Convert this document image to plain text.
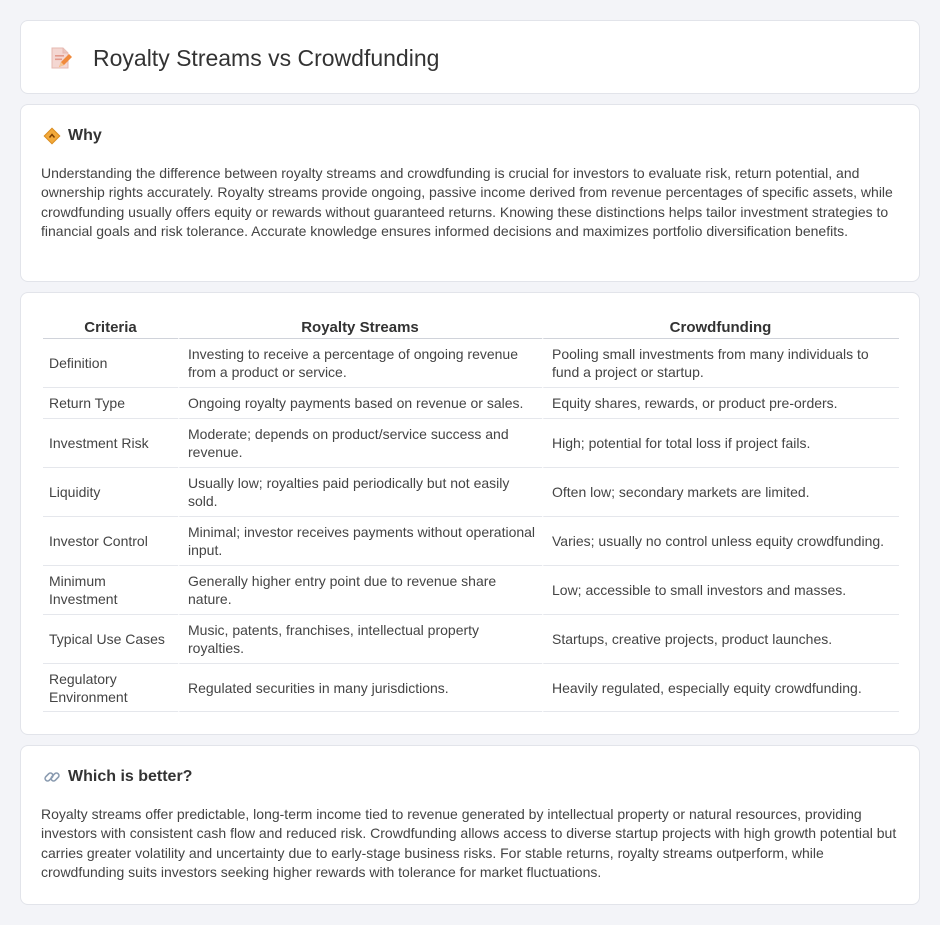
Royalty Streams vs Crowdfunding
Why

Understanding the difference between royalty streams and crowdfunding is crucial for investors to evaluate risk, return potential, and ownership rights accurately. Royalty streams provide ongoing, passive income derived from revenue percentages of specific assets, while crowdfunding usually offers equity or rewards without guaranteed returns. Knowing these distinctions helps tailor investment strategies to financial goals and risk tolerance. Accurate knowledge ensures informed decisions and maximizes portfolio diversification benefits.

Criteria	Royalty Streams	Crowdfunding
Definition	Investing to receive a percentage of ongoing revenue from a product or service.	Pooling small investments from many individuals to fund a project or startup.
Return Type	Ongoing royalty payments based on revenue or sales.	Equity shares, rewards, or product pre-orders.
Investment Risk	Moderate; depends on product/service success and revenue.	High; potential for total loss if project fails.
Liquidity	Usually low; royalties paid periodically but not easily sold.	Often low; secondary markets are limited.
Investor Control	Minimal; investor receives payments without operational input.	Varies; usually no control unless equity crowdfunding.
Minimum Investment	Generally higher entry point due to revenue share nature.	Low; accessible to small investors and masses.
Typical Use Cases	Music, patents, franchises, intellectual property royalties.	Startups, creative projects, product launches.
Regulatory Environment	Regulated securities in many jurisdictions.	Heavily regulated, especially equity crowdfunding.
Which is better?

Royalty streams offer predictable, long-term income tied to revenue generated by intellectual property or natural resources, providing investors with consistent cash flow and reduced risk. Crowdfunding allows access to diverse startup projects with high growth potential but carries greater volatility and uncertainty due to early-stage business risks. For stable returns, royalty streams outperform, while crowdfunding suits investors seeking higher rewards with tolerance for market fluctuations.
